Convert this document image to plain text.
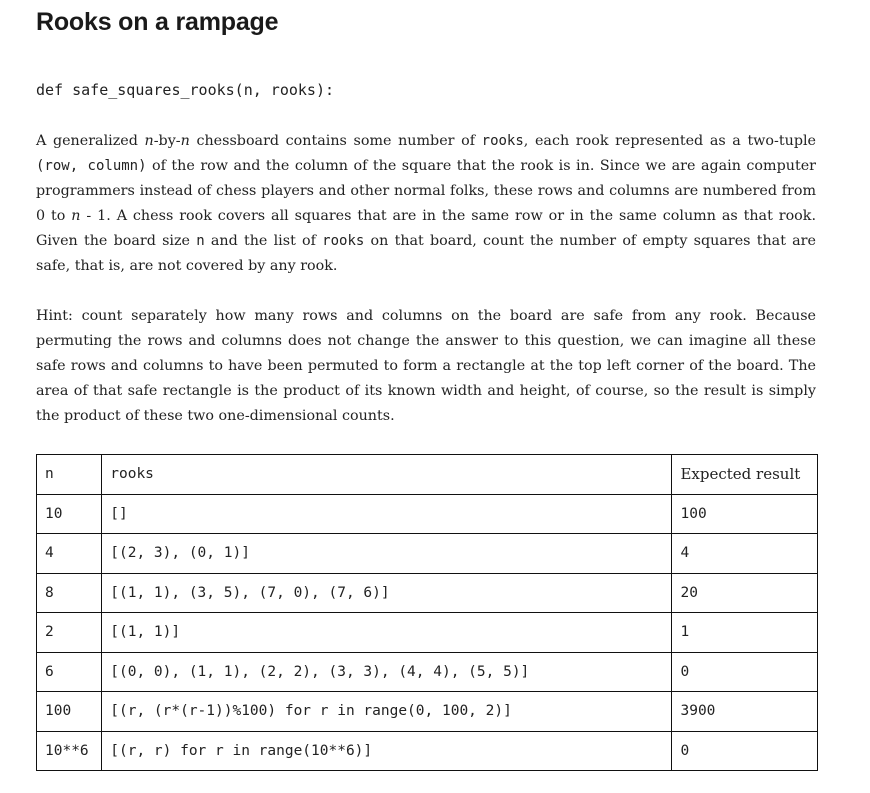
Rooks on a rampage
def safe_squares_rooks(n, rooks):
A generalized n-by-n chessboard contains some number of rooks, each rook represented as a two-tuple (row, column) of the row and the column of the square that the rook is in. Since we are again computer programmers instead of chess players and other normal folks, these rows and columns are numbered from 0 to n - 1. A chess rook covers all squares that are in the same row or in the same column as that rook. Given the board size n and the list of rooks on that board, count the number of empty squares that are safe, that is, are not covered by any rook.
Hint: count separately how many rows and columns on the board are safe from any rook. Because permuting the rows and columns does not change the answer to this question, we can imagine all these safe rows and columns to have been permuted to form a rectangle at the top left corner of the board. The area of that safe rectangle is the product of its known width and height, of course, so the result is simply the product of these two one-dimensional counts.
n	rooks	Expected result
10	[]	100
4	[(2, 3), (0, 1)]	4
8	[(1, 1), (3, 5), (7, 0), (7, 6)]	20
2	[(1, 1)]	1
6	[(0, 0), (1, 1), (2, 2), (3, 3), (4, 4), (5, 5)]	0
100	[(r, (r*(r-1))%100) for r in range(0, 100, 2)]	3900
10**6	[(r, r) for r in range(10**6)]	0
